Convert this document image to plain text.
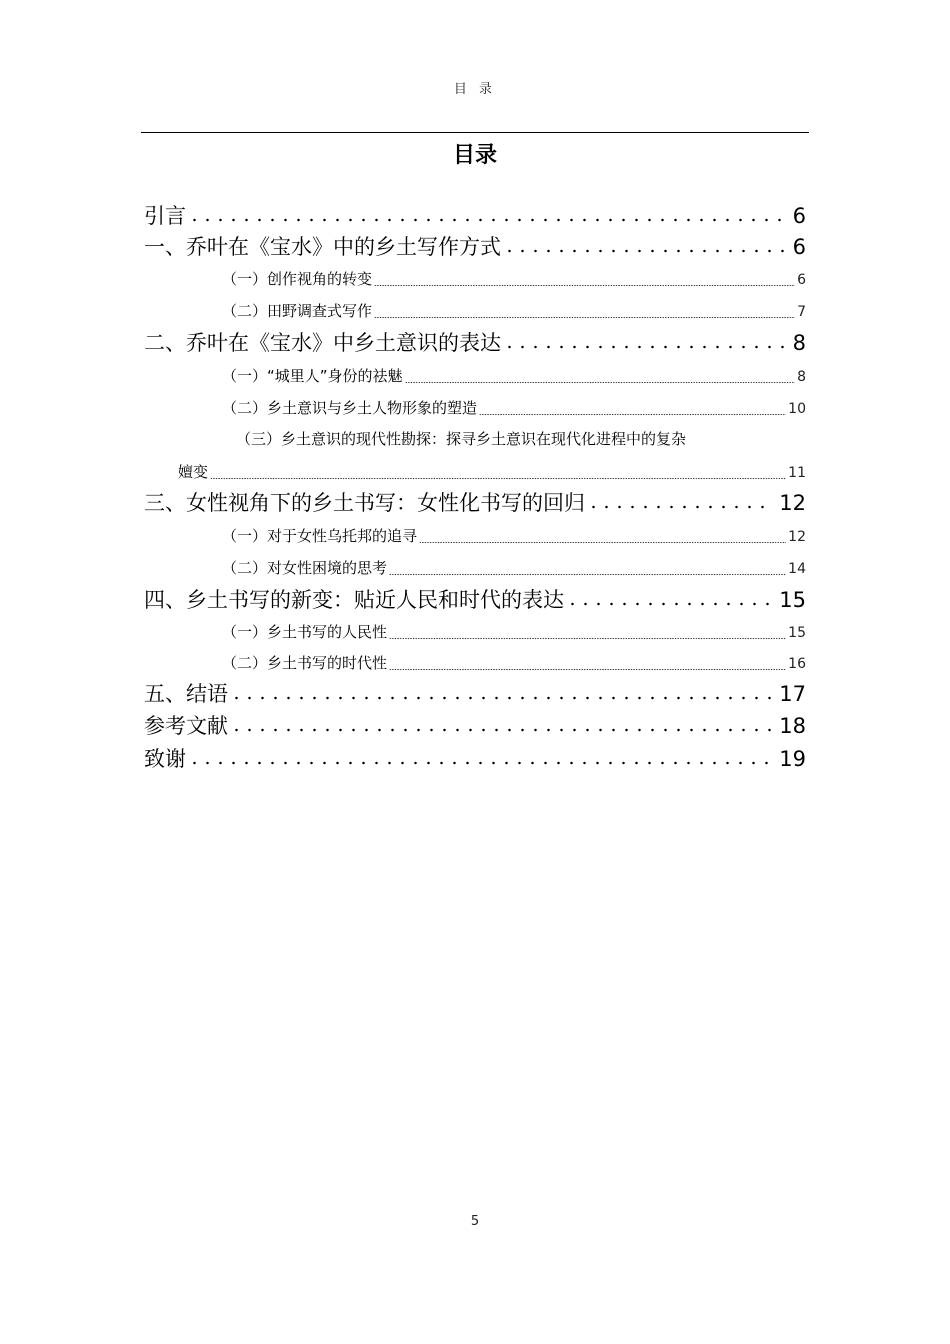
目 录
目录
引言	6
一、乔叶在《宝水》中的乡土写作方式	6
（一）创作视角的转变	6
（二）田野调查式写作	7
二、乔叶在《宝水》中乡土意识的表达	8
（一）“城里人”身份的祛魅	8
（二）乡土意识与乡土人物形象的塑造	10
（三）乡土意识的现代性勘探：探寻乡土意识在现代化进程中的复杂
嬗变	11
三、女性视角下的乡土书写：女性化书写的回归	12
（一）对于女性乌托邦的追寻	12
（二）对女性困境的思考	14
四、乡土书写的新变：贴近人民和时代的表达	15
（一）乡土书写的人民性	15
（二）乡土书写的时代性	16
五、结语	17
参考文献	18
致谢	19
5
